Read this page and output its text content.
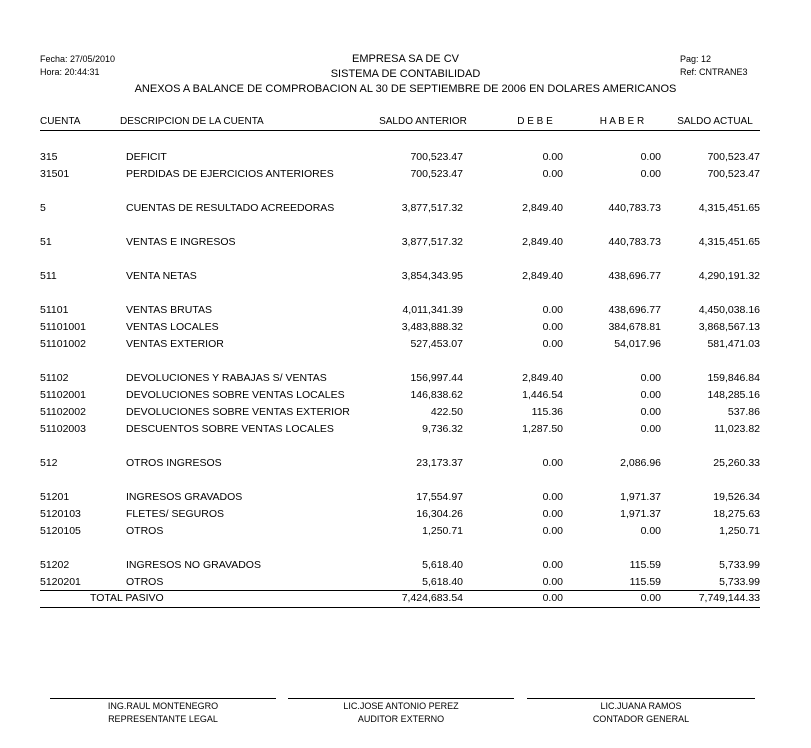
Fecha: 27/05/2010
Hora: 20:44:31
Pag: 12
Ref: CNTRANE3
EMPRESA SA DE CV
SISTEMA DE CONTABILIDAD
ANEXOS A BALANCE DE COMPROBACION AL 30 DE SEPTIEMBRE DE 2006 EN DOLARES AMERICANOS
CUENTA	DESCRIPCION DE LA CUENTA	SALDO ANTERIOR	D E B E	H A B E R	SALDO ACTUAL
315	DEFICIT	700,523.47	0.00	0.00	700,523.47
31501	PERDIDAS DE EJERCICIOS ANTERIORES	700,523.47	0.00	0.00	700,523.47
5	CUENTAS DE RESULTADO ACREEDORAS	3,877,517.32	2,849.40	440,783.73	4,315,451.65
51	VENTAS E INGRESOS	3,877,517.32	2,849.40	440,783.73	4,315,451.65
511	VENTA NETAS	3,854,343.95	2,849.40	438,696.77	4,290,191.32
51101	VENTAS BRUTAS	4,011,341.39	0.00	438,696.77	4,450,038.16
51101001	VENTAS LOCALES	3,483,888.32	0.00	384,678.81	3,868,567.13
51101002	VENTAS EXTERIOR	527,453.07	0.00	54,017.96	581,471.03
51102	DEVOLUCIONES Y RABAJAS S/ VENTAS	156,997.44	2,849.40	0.00	159,846.84
51102001	DEVOLUCIONES SOBRE VENTAS LOCALES	146,838.62	1,446.54	0.00	148,285.16
51102002	DEVOLUCIONES SOBRE VENTAS EXTERIOR	422.50	115.36	0.00	537.86
51102003	DESCUENTOS SOBRE VENTAS LOCALES	9,736.32	1,287.50	0.00	11,023.82
512	OTROS INGRESOS	23,173.37	0.00	2,086.96	25,260.33
51201	INGRESOS GRAVADOS	17,554.97	0.00	1,971.37	19,526.34
5120103	FLETES/ SEGUROS	16,304.26	0.00	1,971.37	18,275.63
5120105	OTROS	1,250.71	0.00	0.00	1,250.71
51202	INGRESOS NO GRAVADOS	5,618.40	0.00	115.59	5,733.99
5120201	OTROS	5,618.40	0.00	115.59	5,733.99
TOTAL PASIVO	7,424,683.54	0.00	0.00	7,749,144.33
ING.RAUL MONTENEGRO
REPRESENTANTE LEGAL
LIC.JOSE ANTONIO PEREZ
AUDITOR EXTERNO
LIC.JUANA RAMOS
CONTADOR GENERAL
